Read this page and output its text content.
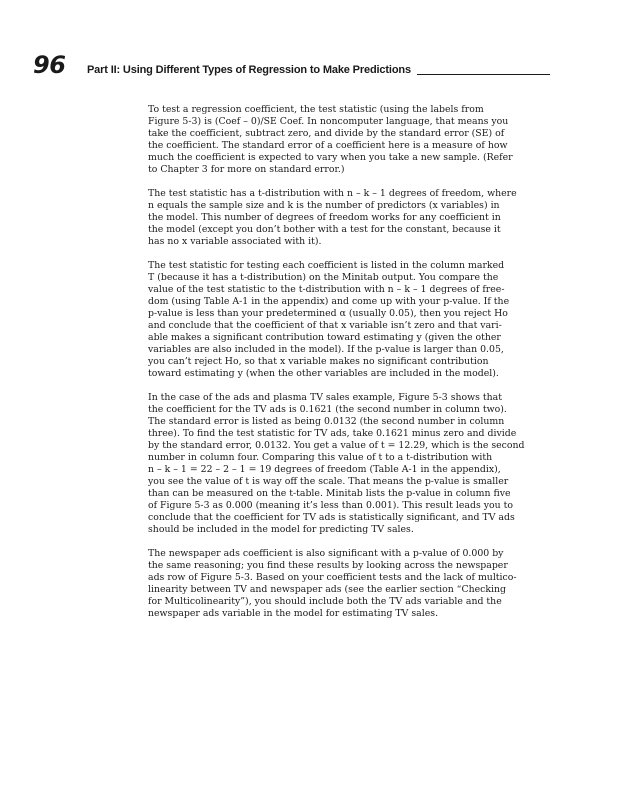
96 Part II: Using Different Types of Regression to Make Predictions

To test a regression coefficient, the test statistic (using the labels from
Figure 5-3) is (Coef – 0)/SE Coef. In noncomputer language, that means you
take the coefficient, subtract zero, and divide by the standard error (SE) of
the coefficient. The standard error of a coefficient here is a measure of how
much the coefficient is expected to vary when you take a new sample. (Refer
to Chapter 3 for more on standard error.)

The test statistic has a t-distribution with n – k – 1 degrees of freedom, where
n equals the sample size and k is the number of predictors (x variables) in
the model. This number of degrees of freedom works for any coefficient in
the model (except you don’t bother with a test for the constant, because it
has no x variable associated with it).

The test statistic for testing each coefficient is listed in the column marked
T (because it has a t-distribution) on the Minitab output. You compare the
value of the test statistic to the t-distribution with n – k – 1 degrees of free-
dom (using Table A-1 in the appendix) and come up with your p-value. If the
p-value is less than your predetermined α (usually 0.05), then you reject Ho
and conclude that the coefficient of that x variable isn’t zero and that vari-
able makes a significant contribution toward estimating y (given the other
variables are also included in the model). If the p-value is larger than 0.05,
you can’t reject Ho, so that x variable makes no significant contribution
toward estimating y (when the other variables are included in the model).

In the case of the ads and plasma TV sales example, Figure 5-3 shows that
the coefficient for the TV ads is 0.1621 (the second number in column two).
The standard error is listed as being 0.0132 (the second number in column
three). To find the test statistic for TV ads, take 0.1621 minus zero and divide
by the standard error, 0.0132. You get a value of t = 12.29, which is the second
number in column four. Comparing this value of t to a t-distribution with
n – k – 1 = 22 – 2 – 1 = 19 degrees of freedom (Table A-1 in the appendix),
you see the value of t is way off the scale. That means the p-value is smaller
than can be measured on the t-table. Minitab lists the p-value in column five
of Figure 5-3 as 0.000 (meaning it’s less than 0.001). This result leads you to
conclude that the coefficient for TV ads is statistically significant, and TV ads
should be included in the model for predicting TV sales.

The newspaper ads coefficient is also significant with a p-value of 0.000 by
the same reasoning; you find these results by looking across the newspaper
ads row of Figure 5-3. Based on your coefficient tests and the lack of multico-
linearity between TV and newspaper ads (see the earlier section “Checking
for Multicolinearity”), you should include both the TV ads variable and the
newspaper ads variable in the model for estimating TV sales.
